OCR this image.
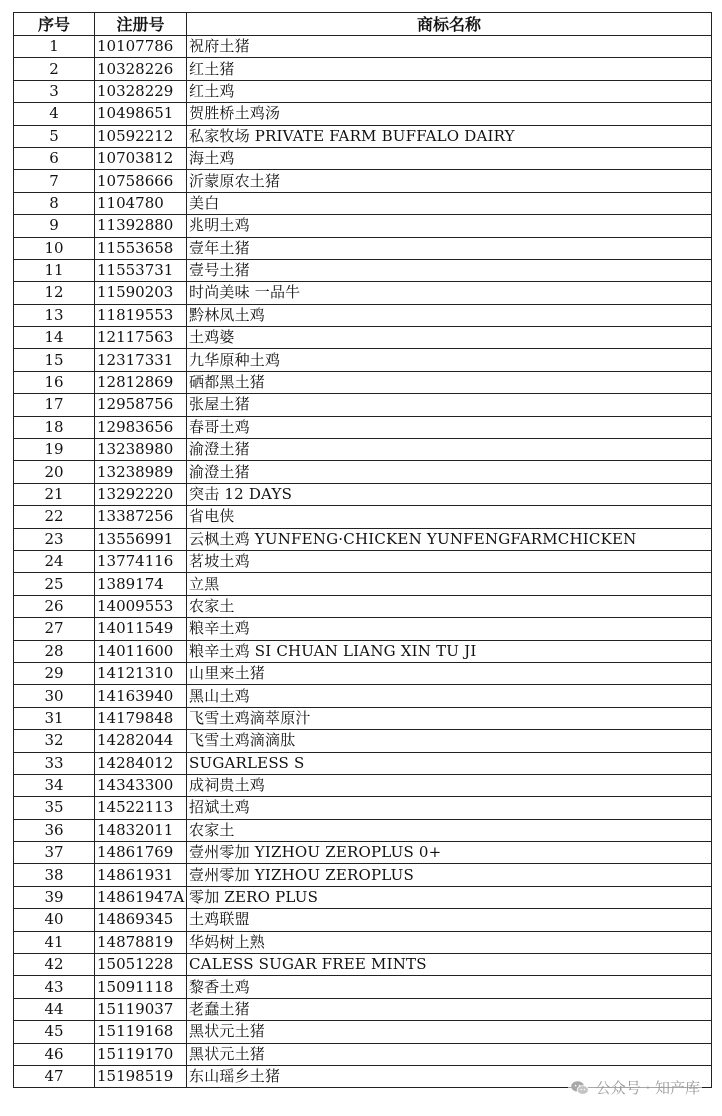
序号	注册号	商标名称
1	10107786	祝府土猪
2	10328226	红土猪
3	10328229	红土鸡
4	10498651	贺胜桥土鸡汤
5	10592212	私家牧场 PRIVATE FARM BUFFALO DAIRY
6	10703812	海土鸡
7	10758666	沂蒙原农土猪
8	1104780	美白
9	11392880	兆明土鸡
10	11553658	壹年土猪
11	11553731	壹号土猪
12	11590203	时尚美味 一品牛
13	11819553	黔林凤土鸡
14	12117563	土鸡婆
15	12317331	九华原种土鸡
16	12812869	硒都黑土猪
17	12958756	张屋土猪
18	12983656	春哥土鸡
19	13238980	渝澄土猪
20	13238989	渝澄土猪
21	13292220	突击 12 DAYS
22	13387256	省电侠
23	13556991	云枫土鸡 YUNFENG·CHICKEN YUNFENGFARMCHICKEN
24	13774116	茗坡土鸡
25	1389174	立黑
26	14009553	农家土
27	14011549	粮辛土鸡
28	14011600	粮辛土鸡 SI CHUAN LIANG XIN TU JI
29	14121310	山里来土猪
30	14163940	黑山土鸡
31	14179848	飞雪土鸡滴萃原汁
32	14282044	飞雪土鸡滴滴肽
33	14284012	SUGARLESS S
34	14343300	成祠贵土鸡
35	14522113	招斌土鸡
36	14832011	农家土
37	14861769	壹州零加 YIZHOU ZEROPLUS 0+
38	14861931	壹州零加 YIZHOU ZEROPLUS
39	14861947A	零加 ZERO PLUS
40	14869345	土鸡联盟
41	14878819	华妈树上熟
42	15051228	CALESS SUGAR FREE MINTS
43	15091118	黎香土鸡
44	15119037	老蠢土猪
45	15119168	黑状元土猪
46	15119170	黑状元土猪
47	15198519	东山瑶乡土猪
公众号 · 知产库
